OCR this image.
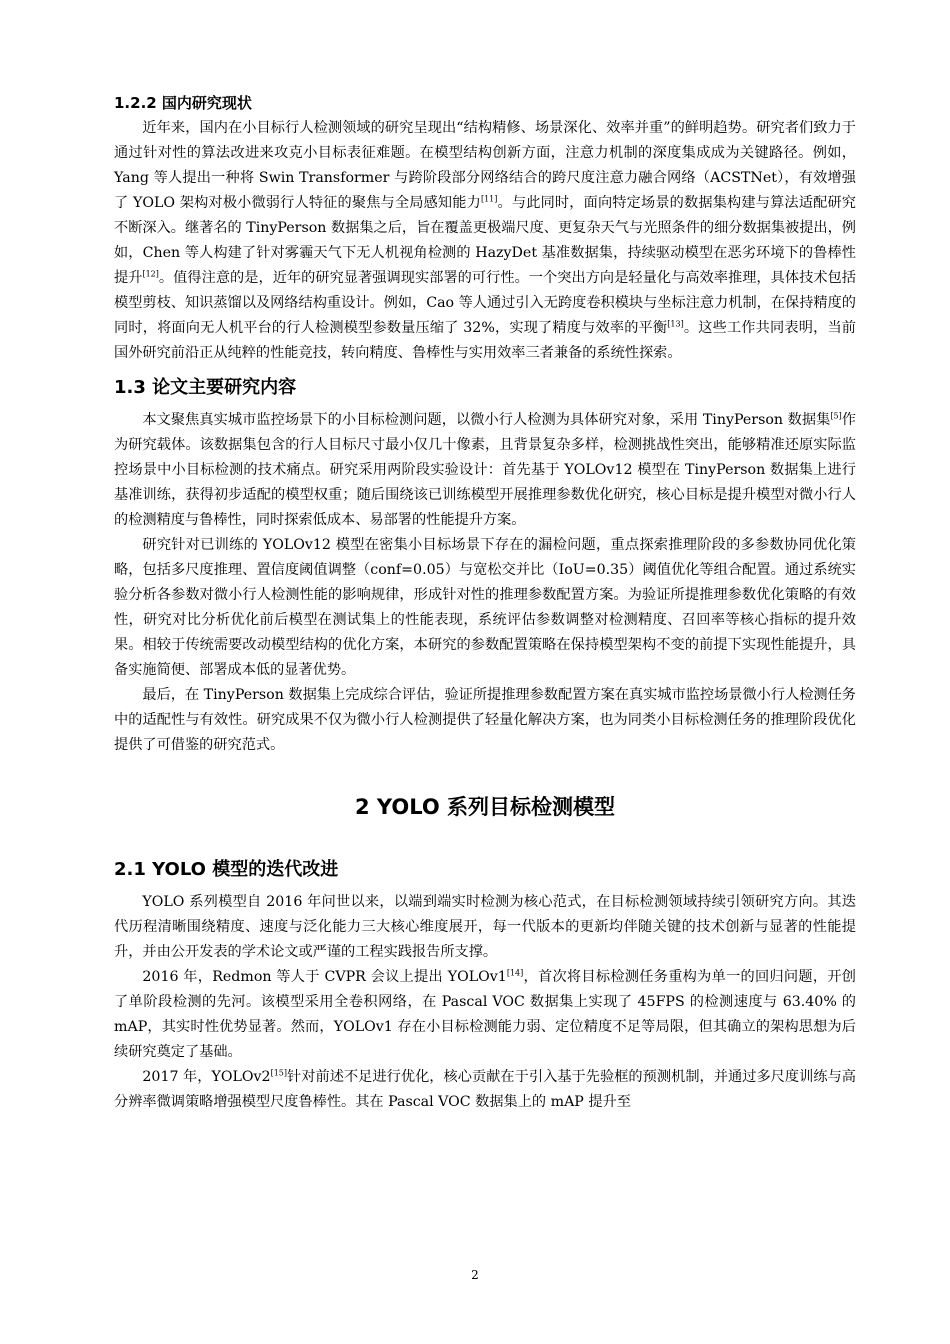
1.2.2 国内研究现状

近年来，国内在小目标行人检测领域的研究呈现出“结构精修、场景深化、效率并重”的鲜明趋势。研究者们致力于通过针对性的算法改进来攻克小目标表征难题。在模型结构创新方面，注意力机制的深度集成成为关键路径。例如，Yang 等人提出一种将 Swin Transformer 与跨阶段部分网络结合的跨尺度注意力融合网络（ACSTNet），有效增强了 YOLO 架构对极小微弱行人特征的聚焦与全局感知能力[11]。与此同时，面向特定场景的数据集构建与算法适配研究不断深入。继著名的 TinyPerson 数据集之后，旨在覆盖更极端尺度、更复杂天气与光照条件的细分数据集被提出，例如，Chen 等人构建了针对雾霾天气下无人机视角检测的 HazyDet 基准数据集，持续驱动模型在恶劣环境下的鲁棒性提升[12]。值得注意的是，近年的研究显著强调现实部署的可行性。一个突出方向是轻量化与高效率推理，具体技术包括模型剪枝、知识蒸馏以及网络结构重设计。例如，Cao 等人通过引入无跨度卷积模块与坐标注意力机制，在保持精度的同时，将面向无人机平台的行人检测模型参数量压缩了 32%，实现了精度与效率的平衡[13]。这些工作共同表明，当前国外研究前沿正从纯粹的性能竞技，转向精度、鲁棒性与实用效率三者兼备的系统性探索。

1.3 论文主要研究内容

本文聚焦真实城市监控场景下的小目标检测问题，以微小行人检测为具体研究对象，采用 TinyPerson 数据集[5]作为研究载体。该数据集包含的行人目标尺寸最小仅几十像素，且背景复杂多样，检测挑战性突出，能够精准还原实际监控场景中小目标检测的技术痛点。研究采用两阶段实验设计：首先基于 YOLOv12 模型在 TinyPerson 数据集上进行基准训练，获得初步适配的模型权重；随后围绕该已训练模型开展推理参数优化研究，核心目标是提升模型对微小行人的检测精度与鲁棒性，同时探索低成本、易部署的性能提升方案。

研究针对已训练的 YOLOv12 模型在密集小目标场景下存在的漏检问题，重点探索推理阶段的多参数协同优化策略，包括多尺度推理、置信度阈值调整（conf=0.05）与宽松交并比（IoU=0.35）阈值优化等组合配置。通过系统实验分析各参数对微小行人检测性能的影响规律，形成针对性的推理参数配置方案。为验证所提推理参数优化策略的有效性，研究对比分析优化前后模型在测试集上的性能表现，系统评估参数调整对检测精度、召回率等核心指标的提升效果。相较于传统需要改动模型结构的优化方案，本研究的参数配置策略在保持模型架构不变的前提下实现性能提升，具备实施简便、部署成本低的显著优势。

最后，在 TinyPerson 数据集上完成综合评估，验证所提推理参数配置方案在真实城市监控场景微小行人检测任务中的适配性与有效性。研究成果不仅为微小行人检测提供了轻量化解决方案，也为同类小目标检测任务的推理阶段优化提供了可借鉴的研究范式。

2 YOLO 系列目标检测模型
2.1 YOLO 模型的迭代改进

YOLO 系列模型自 2016 年问世以来，以端到端实时检测为核心范式，在目标检测领域持续引领研究方向。其迭代历程清晰围绕精度、速度与泛化能力三大核心维度展开，每一代版本的更新均伴随关键的技术创新与显著的性能提升，并由公开发表的学术论文或严谨的工程实践报告所支撑。

2016 年，Redmon 等人于 CVPR 会议上提出 YOLOv1[14]，首次将目标检测任务重构为单一的回归问题，开创了单阶段检测的先河。该模型采用全卷积网络，在 Pascal VOC 数据集上实现了 45FPS 的检测速度与 63.40% 的 mAP，其实时性优势显著。然而，YOLOv1 存在小目标检测能力弱、定位精度不足等局限，但其确立的架构思想为后续研究奠定了基础。

2017 年，YOLOv2[15]针对前述不足进行优化，核心贡献在于引入基于先验框的预测机制，并通过多尺度训练与高分辨率微调策略增强模型尺度鲁棒性。其在 Pascal VOC 数据集上的 mAP 提升至

2
